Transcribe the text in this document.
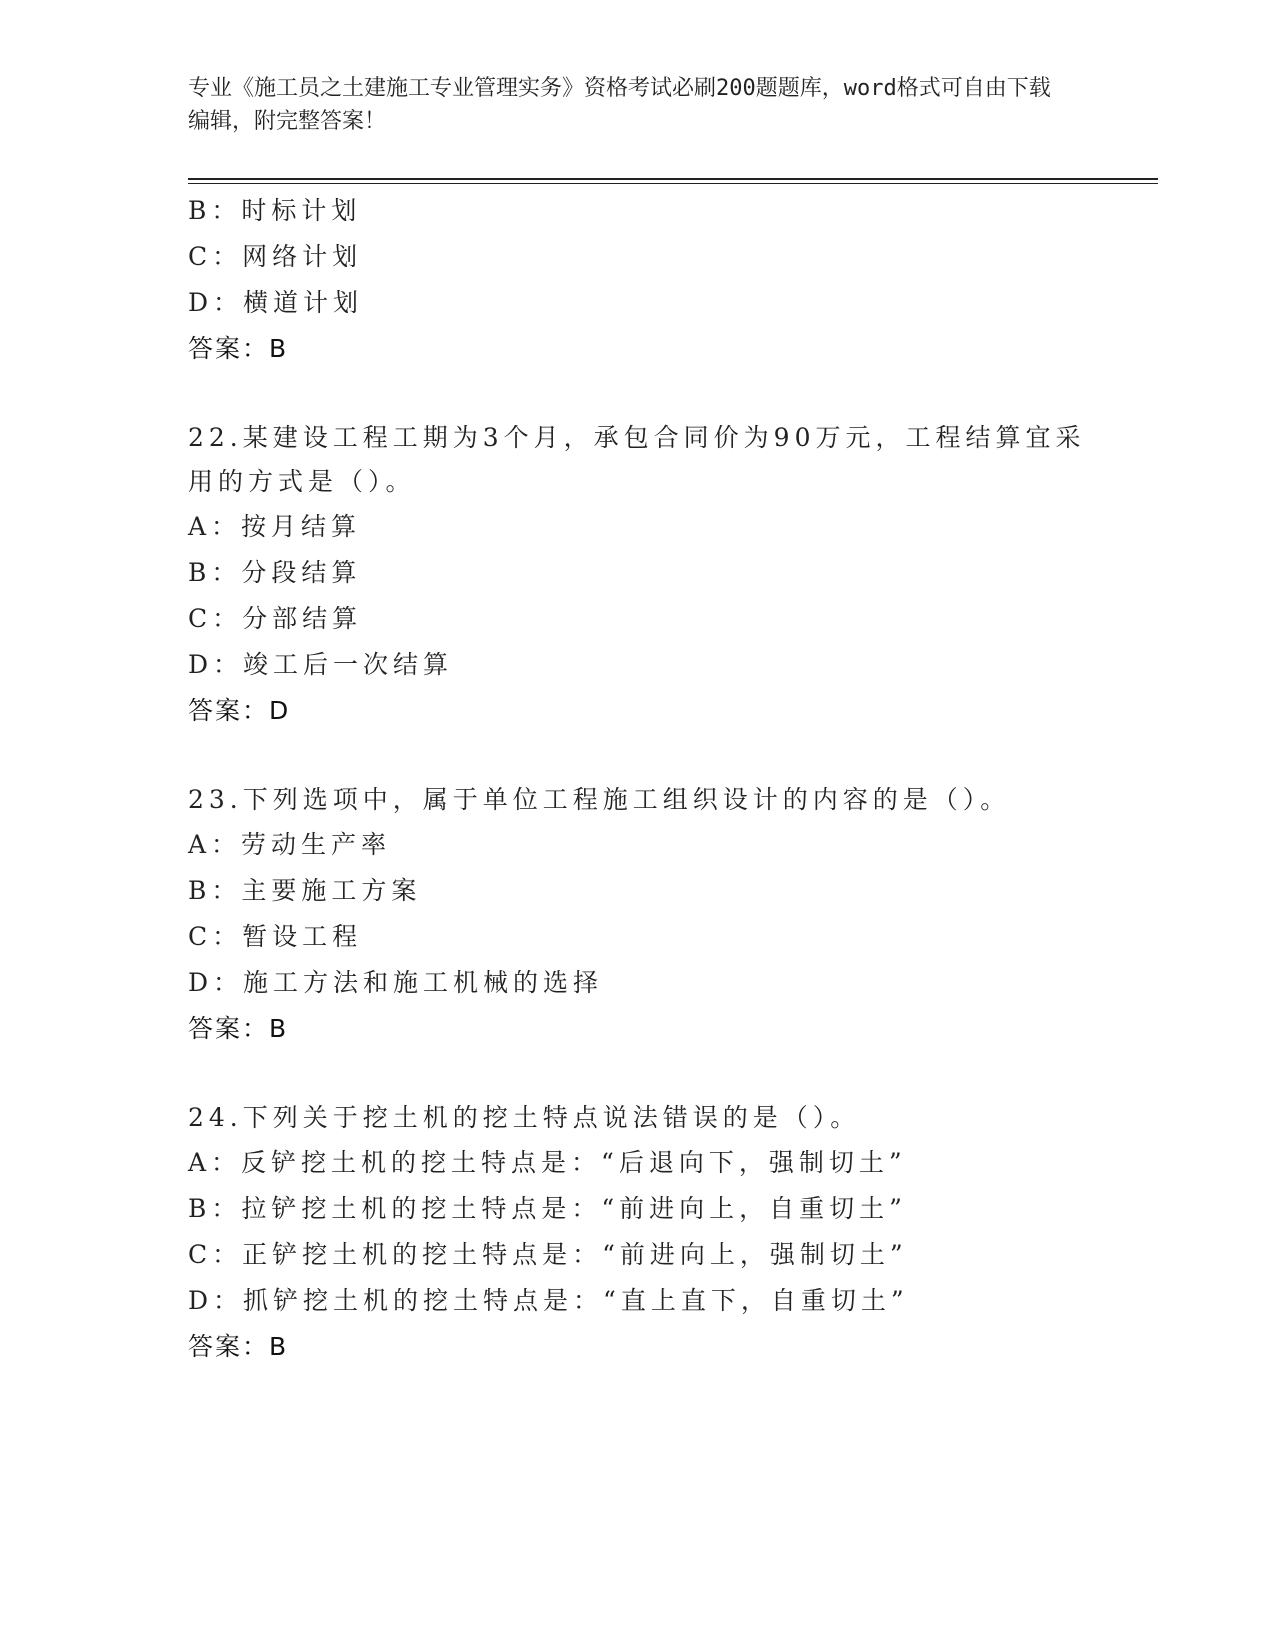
专业《施工员之土建施工专业管理实务》资格考试必刷200题题库，word格式可自由下载编辑，附完整答案！
B：时标计划
C：网络计划
D：横道计划
答案：B
22.某建设工程工期为3个月，承包合同价为90万元，工程结算宜采用的方式是（）。
A：按月结算
B：分段结算
C：分部结算
D：竣工后一次结算
答案：D
23.下列选项中，属于单位工程施工组织设计的内容的是（）。
A：劳动生产率
B：主要施工方案
C：暂设工程
D：施工方法和施工机械的选择
答案：B
24.下列关于挖土机的挖土特点说法错误的是（）。
A：反铲挖土机的挖土特点是：“后退向下，强制切土”
B：拉铲挖土机的挖土特点是：“前进向上，自重切土”
C：正铲挖土机的挖土特点是：“前进向上，强制切土”
D：抓铲挖土机的挖土特点是：“直上直下，自重切土”
答案：B
